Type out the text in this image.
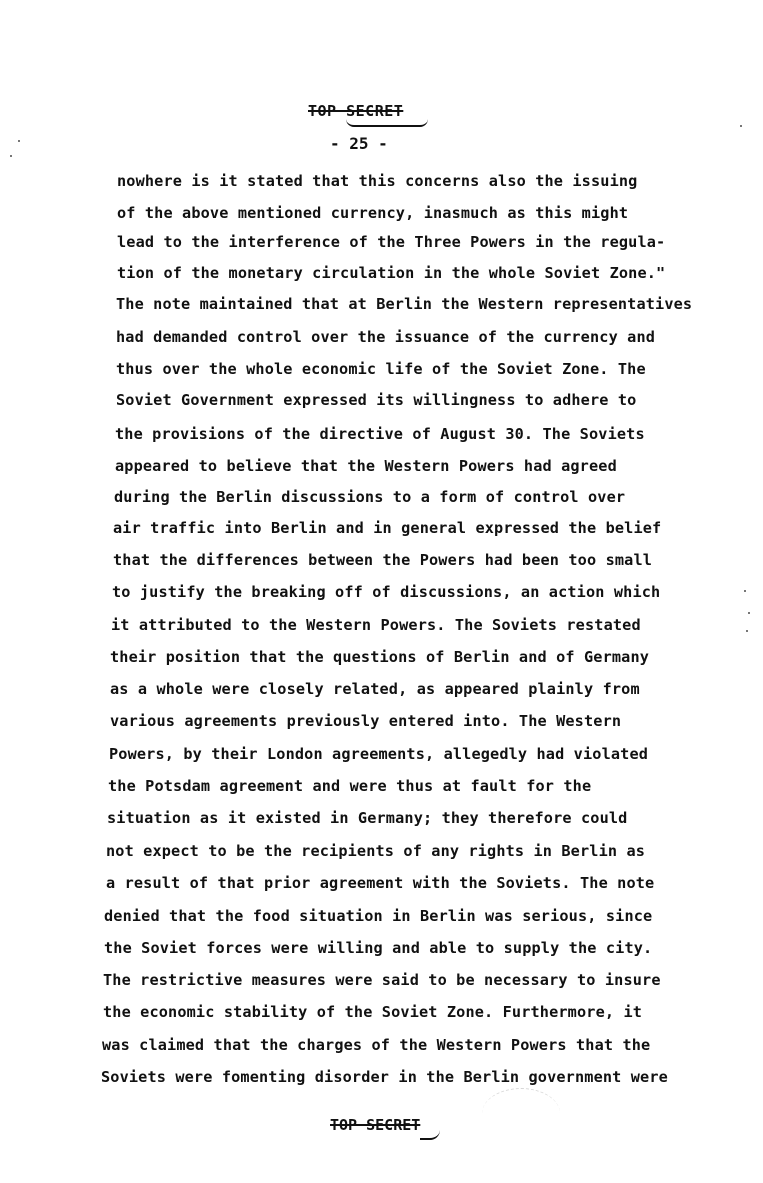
TOP SECRET
- 25 -
nowhere is it stated that this concerns also the issuing
of the above mentioned currency, inasmuch as this might
lead to the interference of the Three Powers in the regula-
tion of the monetary circulation in the whole Soviet Zone."
The note maintained that at Berlin the Western representatives
had demanded control over the issuance of the currency and
thus over the whole economic life of the Soviet Zone. The
Soviet Government expressed its willingness to adhere to
the provisions of the directive of August 30. The Soviets
appeared to believe that the Western Powers had agreed
during the Berlin discussions to a form of control over
air traffic into Berlin and in general expressed the belief
that the differences between the Powers had been too small
to justify the breaking off of discussions, an action which
it attributed to the Western Powers. The Soviets restated
their position that the questions of Berlin and of Germany
as a whole were closely related, as appeared plainly from
various agreements previously entered into. The Western
Powers, by their London agreements, allegedly had violated
the Potsdam agreement and were thus at fault for the
situation as it existed in Germany; they therefore could
not expect to be the recipients of any rights in Berlin as
a result of that prior agreement with the Soviets. The note
denied that the food situation in Berlin was serious, since
the Soviet forces were willing and able to supply the city.
The restrictive measures were said to be necessary to insure
the economic stability of the Soviet Zone. Furthermore, it
was claimed that the charges of the Western Powers that the
Soviets were fomenting disorder in the Berlin government were
TOP SECRET
